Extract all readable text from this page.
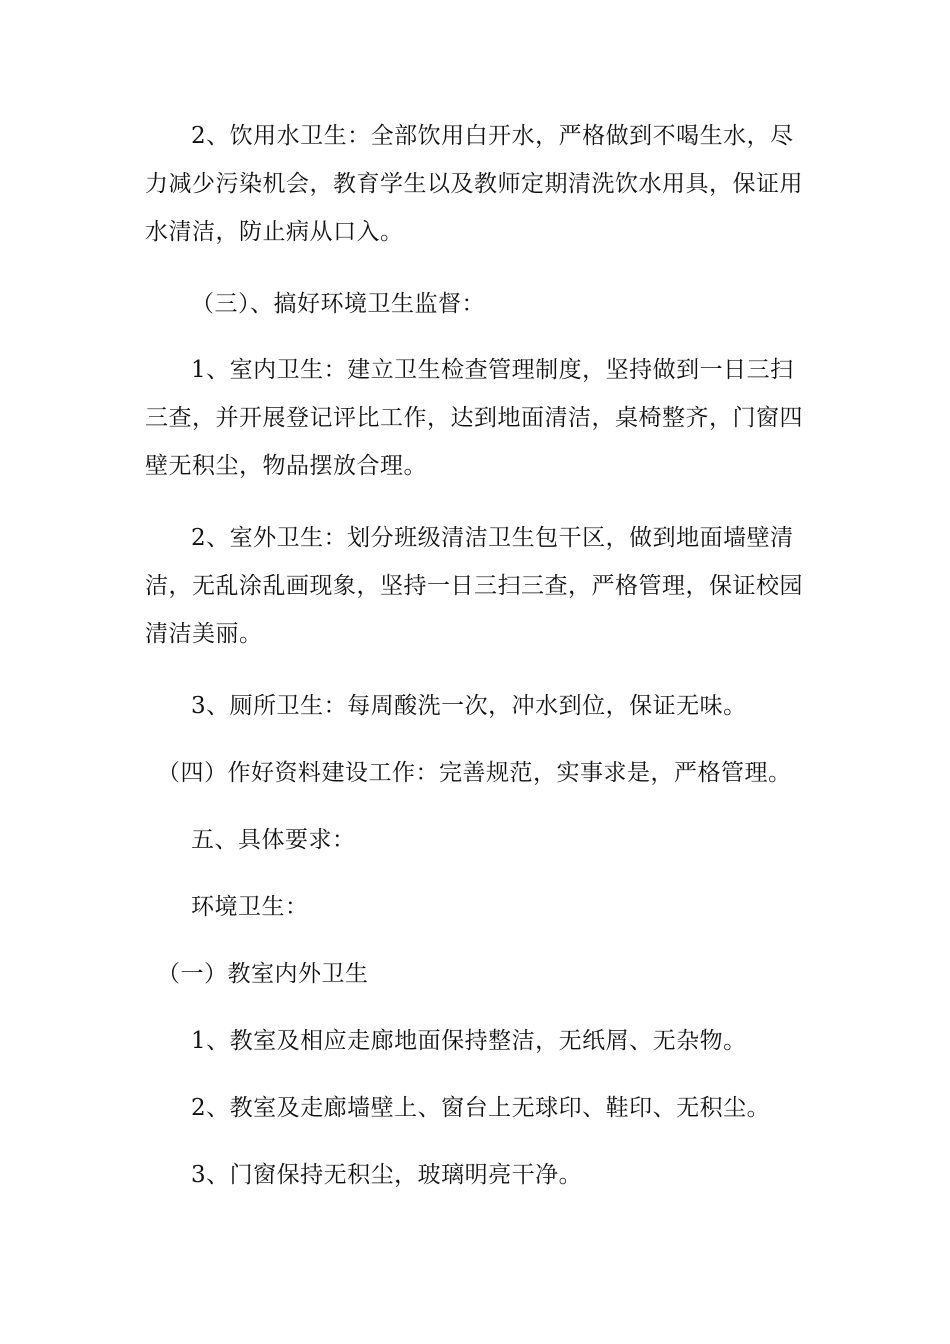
2、饮用水卫生：全部饮用白开水，严格做到不喝生水，尽
力减少污染机会，教育学生以及教师定期清洗饮水用具，保证用
水清洁，防止病从口入。
（三）、搞好环境卫生监督：
1、室内卫生：建立卫生检查管理制度，坚持做到一日三扫
三查，并开展登记评比工作，达到地面清洁，桌椅整齐，门窗四
壁无积尘，物品摆放合理。
2、室外卫生：划分班级清洁卫生包干区，做到地面墙壁清
洁，无乱涂乱画现象，坚持一日三扫三查，严格管理，保证校园
清洁美丽。
3、厕所卫生：每周酸洗一次，冲水到位，保证无味。
（四）作好资料建设工作：完善规范，实事求是，严格管理。
五、具体要求：
环境卫生：
（一）教室内外卫生
1、教室及相应走廊地面保持整洁，无纸屑、无杂物。
2、教室及走廊墙壁上、窗台上无球印、鞋印、无积尘。
3、门窗保持无积尘，玻璃明亮干净。
